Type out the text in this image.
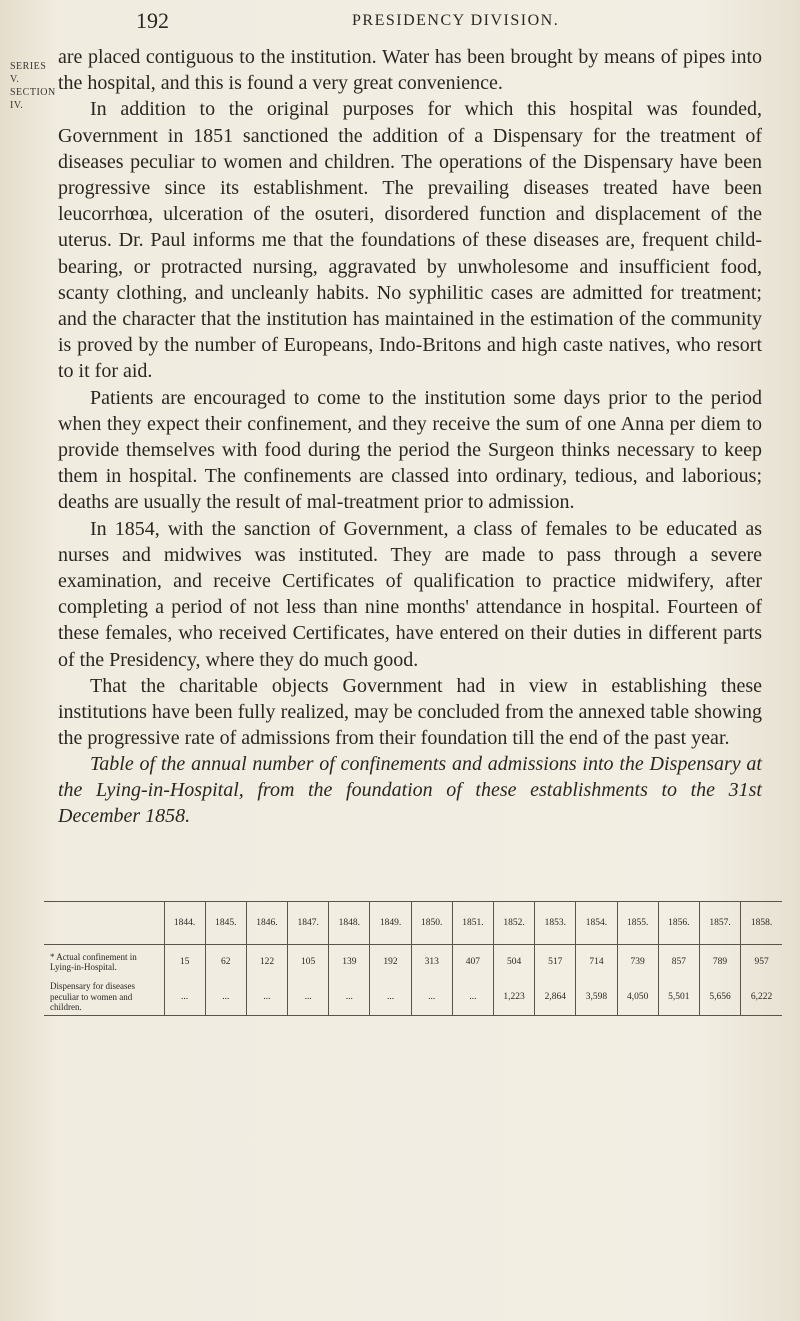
192	PRESIDENCY DIVISION.
SERIES V.
SECTION IV.

are placed contiguous to the institution. Water has been brought by means of pipes into the hospital, and this is found a very great convenience.

In addition to the original purposes for which this hospital was founded, Government in 1851 sanctioned the addition of a Dispensary for the treatment of diseases peculiar to women and children. The operations of the Dispensary have been progressive since its establishment. The prevailing diseases treated have been leucorrhœa, ulceration of the osuteri, disordered function and displacement of the uterus. Dr. Paul informs me that the foundations of these diseases are, frequent child-bearing, or protracted nursing, aggravated by unwholesome and insufficient food, scanty clothing, and uncleanly habits. No syphilitic cases are admitted for treatment; and the character that the institution has maintained in the estimation of the community is proved by the number of Europeans, Indo-Britons and high caste natives, who resort to it for aid.

Patients are encouraged to come to the institution some days prior to the period when they expect their confinement, and they receive the sum of one Anna per diem to provide themselves with food during the period the Surgeon thinks necessary to keep them in hospital. The confinements are classed into ordinary, tedious, and laborious; deaths are usually the result of mal-treatment prior to admission.

In 1854, with the sanction of Government, a class of females to be educated as nurses and midwives was instituted. They are made to pass through a severe examination, and receive Certificates of qualification to practice midwifery, after completing a period of not less than nine months' attendance in hospital. Fourteen of these females, who received Certificates, have entered on their duties in different parts of the Presidency, where they do much good.

That the charitable objects Government had in view in establishing these institutions have been fully realized, may be concluded from the annexed table showing the progressive rate of admissions from their foundation till the end of the past year.

Table of the annual number of confinements and admissions into the Dispensary at the Lying-in-Hospital, from the foundation of these establishments to the 31st December 1858.

	1844.	1845.	1846.	1847.	1848.	1849.	1850.	1851.	1852.	1853.	1854.	1855.	1856.	1857.	1858.
* Actual confinement in Lying-in-Hospital.	15	62	122	105	139	192	313	407	504	517	714	739	857	789	957
Dispensary for diseases peculiar to women and children.	...	...	...	...	...	...	...	...	1,223	2,864	3,598	4,050	5,501	5,656	6,222
